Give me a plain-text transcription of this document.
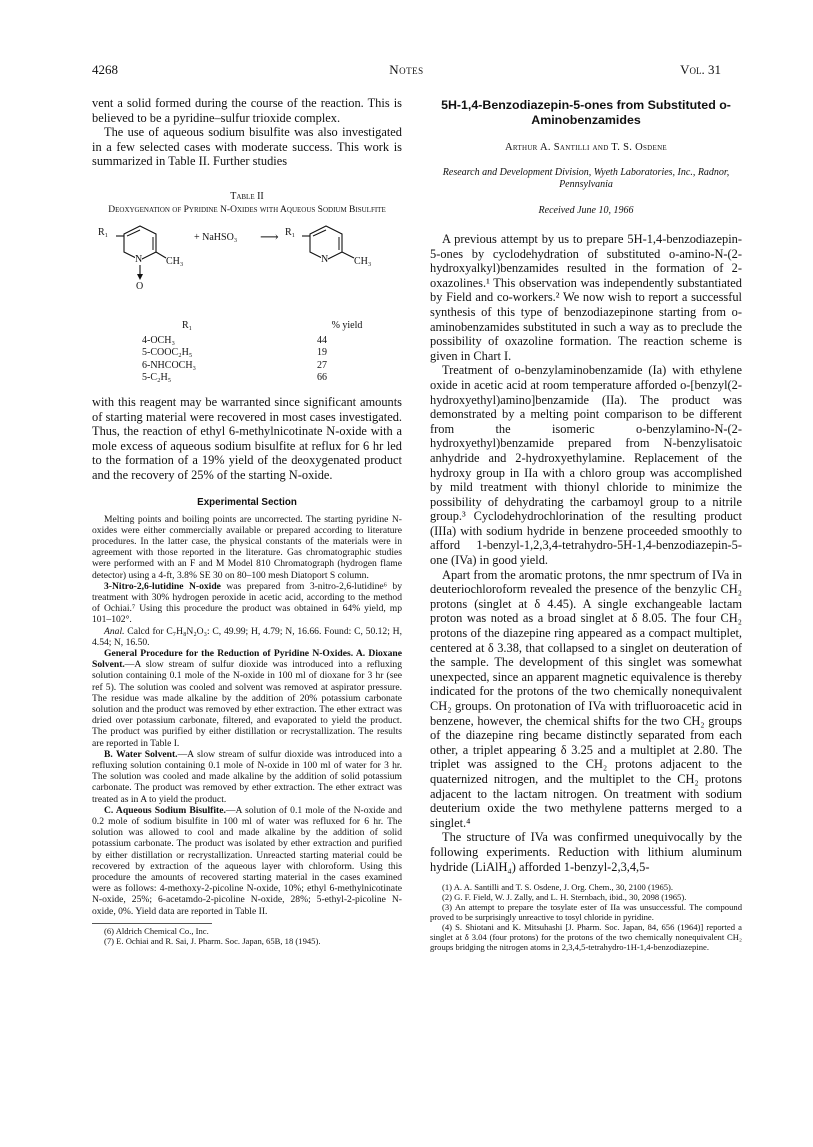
4268	Notes	Vol. 31

vent a solid formed during the course of the reaction. This is believed to be a pyridine–sulfur trioxide complex.

The use of aqueous sodium bisulfite was also investigated in a few selected cases with moderate success. This work is summarized in Table II. Further studies

Table II
Deoxygenation of Pyridine N-Oxides with Aqueous Sodium Bisulfite
R₁
N CH₃
O
+ NaHSO₃ ⟶ R₁
N	CH₃
R₁	% yield
4-OCH₃	44
5-COOC₂H₅	19
6-NHCOCH₃	27
5-C₂H₅	66

with this reagent may be warranted since significant amounts of starting material were recovered in most cases investigated. Thus, the reaction of ethyl 6-methylnicotinate N-oxide with a mole excess of aqueous sodium bisulfite at reflux for 6 hr led to the formation of a 19% yield of the deoxygenated product and the recovery of 25% of the starting N-oxide.

Experimental Section

Melting points and boiling points are uncorrected. The starting pyridine N-oxides were either commercially available or prepared according to literature procedures. In the latter case, the physical constants of the materials were in agreement with those reported in the literature. Gas chromatographic studies were performed with an F and M Model 810 Chromatograph (hydrogen flame detector) using a 4-ft, 3.8% SE 30 on 80–100 mesh Diatoport S column.

3-Nitro-2,6-lutidine N-oxide was prepared from 3-nitro-2,6-lutidine⁶ by treatment with 30% hydrogen peroxide in acetic acid, according to the method of Ochiai.⁷ Using this procedure the product was obtained in 64% yield, mp 101–102°.

Anal. Calcd for C₇H₈N₂O₃: C, 49.99; H, 4.79; N, 16.66. Found: C, 50.12; H, 4.54; N, 16.50.

General Procedure for the Reduction of Pyridine N-Oxides. A. Dioxane Solvent.—A slow stream of sulfur dioxide was introduced into a refluxing solution containing 0.1 mole of the N-oxide in 100 ml of dioxane for 3 hr (see ref 5). The solution was cooled and solvent was removed at aspirator pressure. The residue was made alkaline by the addition of 20% potassium carbonate solution and the product was removed by ether extraction. The ether extract was dried over potassium carbonate, filtered, and evaporated to yield the product. The product was purified by either distillation or recrystallization. The results are reported in Table I.

B. Water Solvent.—A slow stream of sulfur dioxide was introduced into a refluxing solution containing 0.1 mole of N-oxide in 100 ml of water for 3 hr. The solution was cooled and made alkaline by the addition of solid potassium carbonate. The product was removed by ether extraction. The ether extract was treated as in A to yield the product.

C. Aqueous Sodium Bisulfite.—A solution of 0.1 mole of the N-oxide and 0.2 mole of sodium bisulfite in 100 ml of water was refluxed for 6 hr. The solution was allowed to cool and made alkaline by the addition of solid potassium carbonate. The product was isolated by ether extraction and purified by either distillation or recrystallization. Unreacted starting material could be recovered by extraction of the aqueous layer with chloroform. Using this procedure the amounts of recovered starting material in the cases examined were as follows: 4-methoxy-2-picoline N-oxide, 10%; ethyl 6-methylnicotinate N-oxide, 25%; 6-acetamdo-2-picoline N-oxide, 28%; 5-ethyl-2-picoline N-oxide, 0%. Yield data are reported in Table II.

(6) Aldrich Chemical Co., Inc.

(7) E. Ochiai and R. Sai, J. Pharm. Soc. Japan, 65B, 18 (1945).

5H-1,4-Benzodiazepin-5-ones from Substituted o-Aminobenzamides
Arthur A. Santilli and T. S. Osdene
Research and Development Division, Wyeth Laboratories, Inc., Radnor, Pennsylvania
Received June 10, 1966

A previous attempt by us to prepare 5H-1,4-benzodiazepin-5-ones by cyclodehydration of substituted o-amino-N-(2-hydroxyalkyl)benzamides resulted in the formation of 2-oxazolines.¹ This observation was independently substantiated by Field and co-workers.² We now wish to report a successful synthesis of this type of benzodiazepinone starting from o-aminobenzamides substituted in such a way as to preclude the possibility of oxazoline formation. The reaction scheme is given in Chart I.

Treatment of o-benzylaminobenzamide (Ia) with ethylene oxide in acetic acid at room temperature afforded o-[benzyl(2-hydroxyethyl)amino]benzamide (IIa). The product was demonstrated by a melting point comparison to be different from the isomeric o-benzylamino-N-(2-hydroxyethyl)benzamide prepared from N-benzylisatoic anhydride and 2-hydroxyethylamine. Replacement of the hydroxy group in IIa with a chloro group was accomplished by mild treatment with thionyl chloride to minimize the possibility of dehydrating the carbamoyl group to a nitrile group.³ Cyclodehydrochlorination of the resulting product (IIIa) with sodium hydride in benzene proceeded smoothly to afford 1-benzyl-1,2,3,4-tetrahydro-5H-1,4-benzodiazepin-5-one (IVa) in good yield.

Apart from the aromatic protons, the nmr spectrum of IVa in deuteriochloroform revealed the presence of the benzylic CH₂ protons (singlet at δ 4.45). A single exchangeable lactam proton was noted as a broad singlet at δ 8.05. The four CH₂ protons of the diazepine ring appeared as a compact multiplet, centered at δ 3.38, that collapsed to a singlet on deuteration of the sample. The development of this singlet was somewhat unexpected, since an apparent magnetic equivalence is thereby indicated for the protons of the two chemically nonequivalent CH₂ groups. On protonation of IVa with trifluoroacetic acid in benzene, however, the chemical shifts for the two CH₂ groups of the diazepine ring became distinctly separated from each other, a triplet appearing δ 3.25 and a multiplet at 2.80. The triplet was assigned to the CH₂ protons adjacent to the quaternized nitrogen, and the multiplet to the CH₂ protons adjacent to the lactam nitrogen. On treatment with sodium deuterium oxide the two methylene patterns merged to a singlet.⁴

The structure of IVa was confirmed unequivocally by the following experiments. Reduction with lithium aluminum hydride (LiAlH₄) afforded 1-benzyl-2,3,4,5-

(1) A. A. Santilli and T. S. Osdene, J. Org. Chem., 30, 2100 (1965).

(2) G. F. Field, W. J. Zally, and L. H. Sternbach, ibid., 30, 2098 (1965).

(3) An attempt to prepare the tosylate ester of IIa was unsuccessful. The compound proved to be surprisingly unreactive to tosyl chloride in pyridine.

(4) S. Shiotani and K. Mitsuhashi [J. Pharm. Soc. Japan, 84, 656 (1964)] reported a singlet at δ 3.04 (four protons) for the protons of the two chemically nonequivalent CH₂ groups bridging the nitrogen atoms in 2,3,4,5-tetrahydro-1H-1,4-benzodiazepine.
